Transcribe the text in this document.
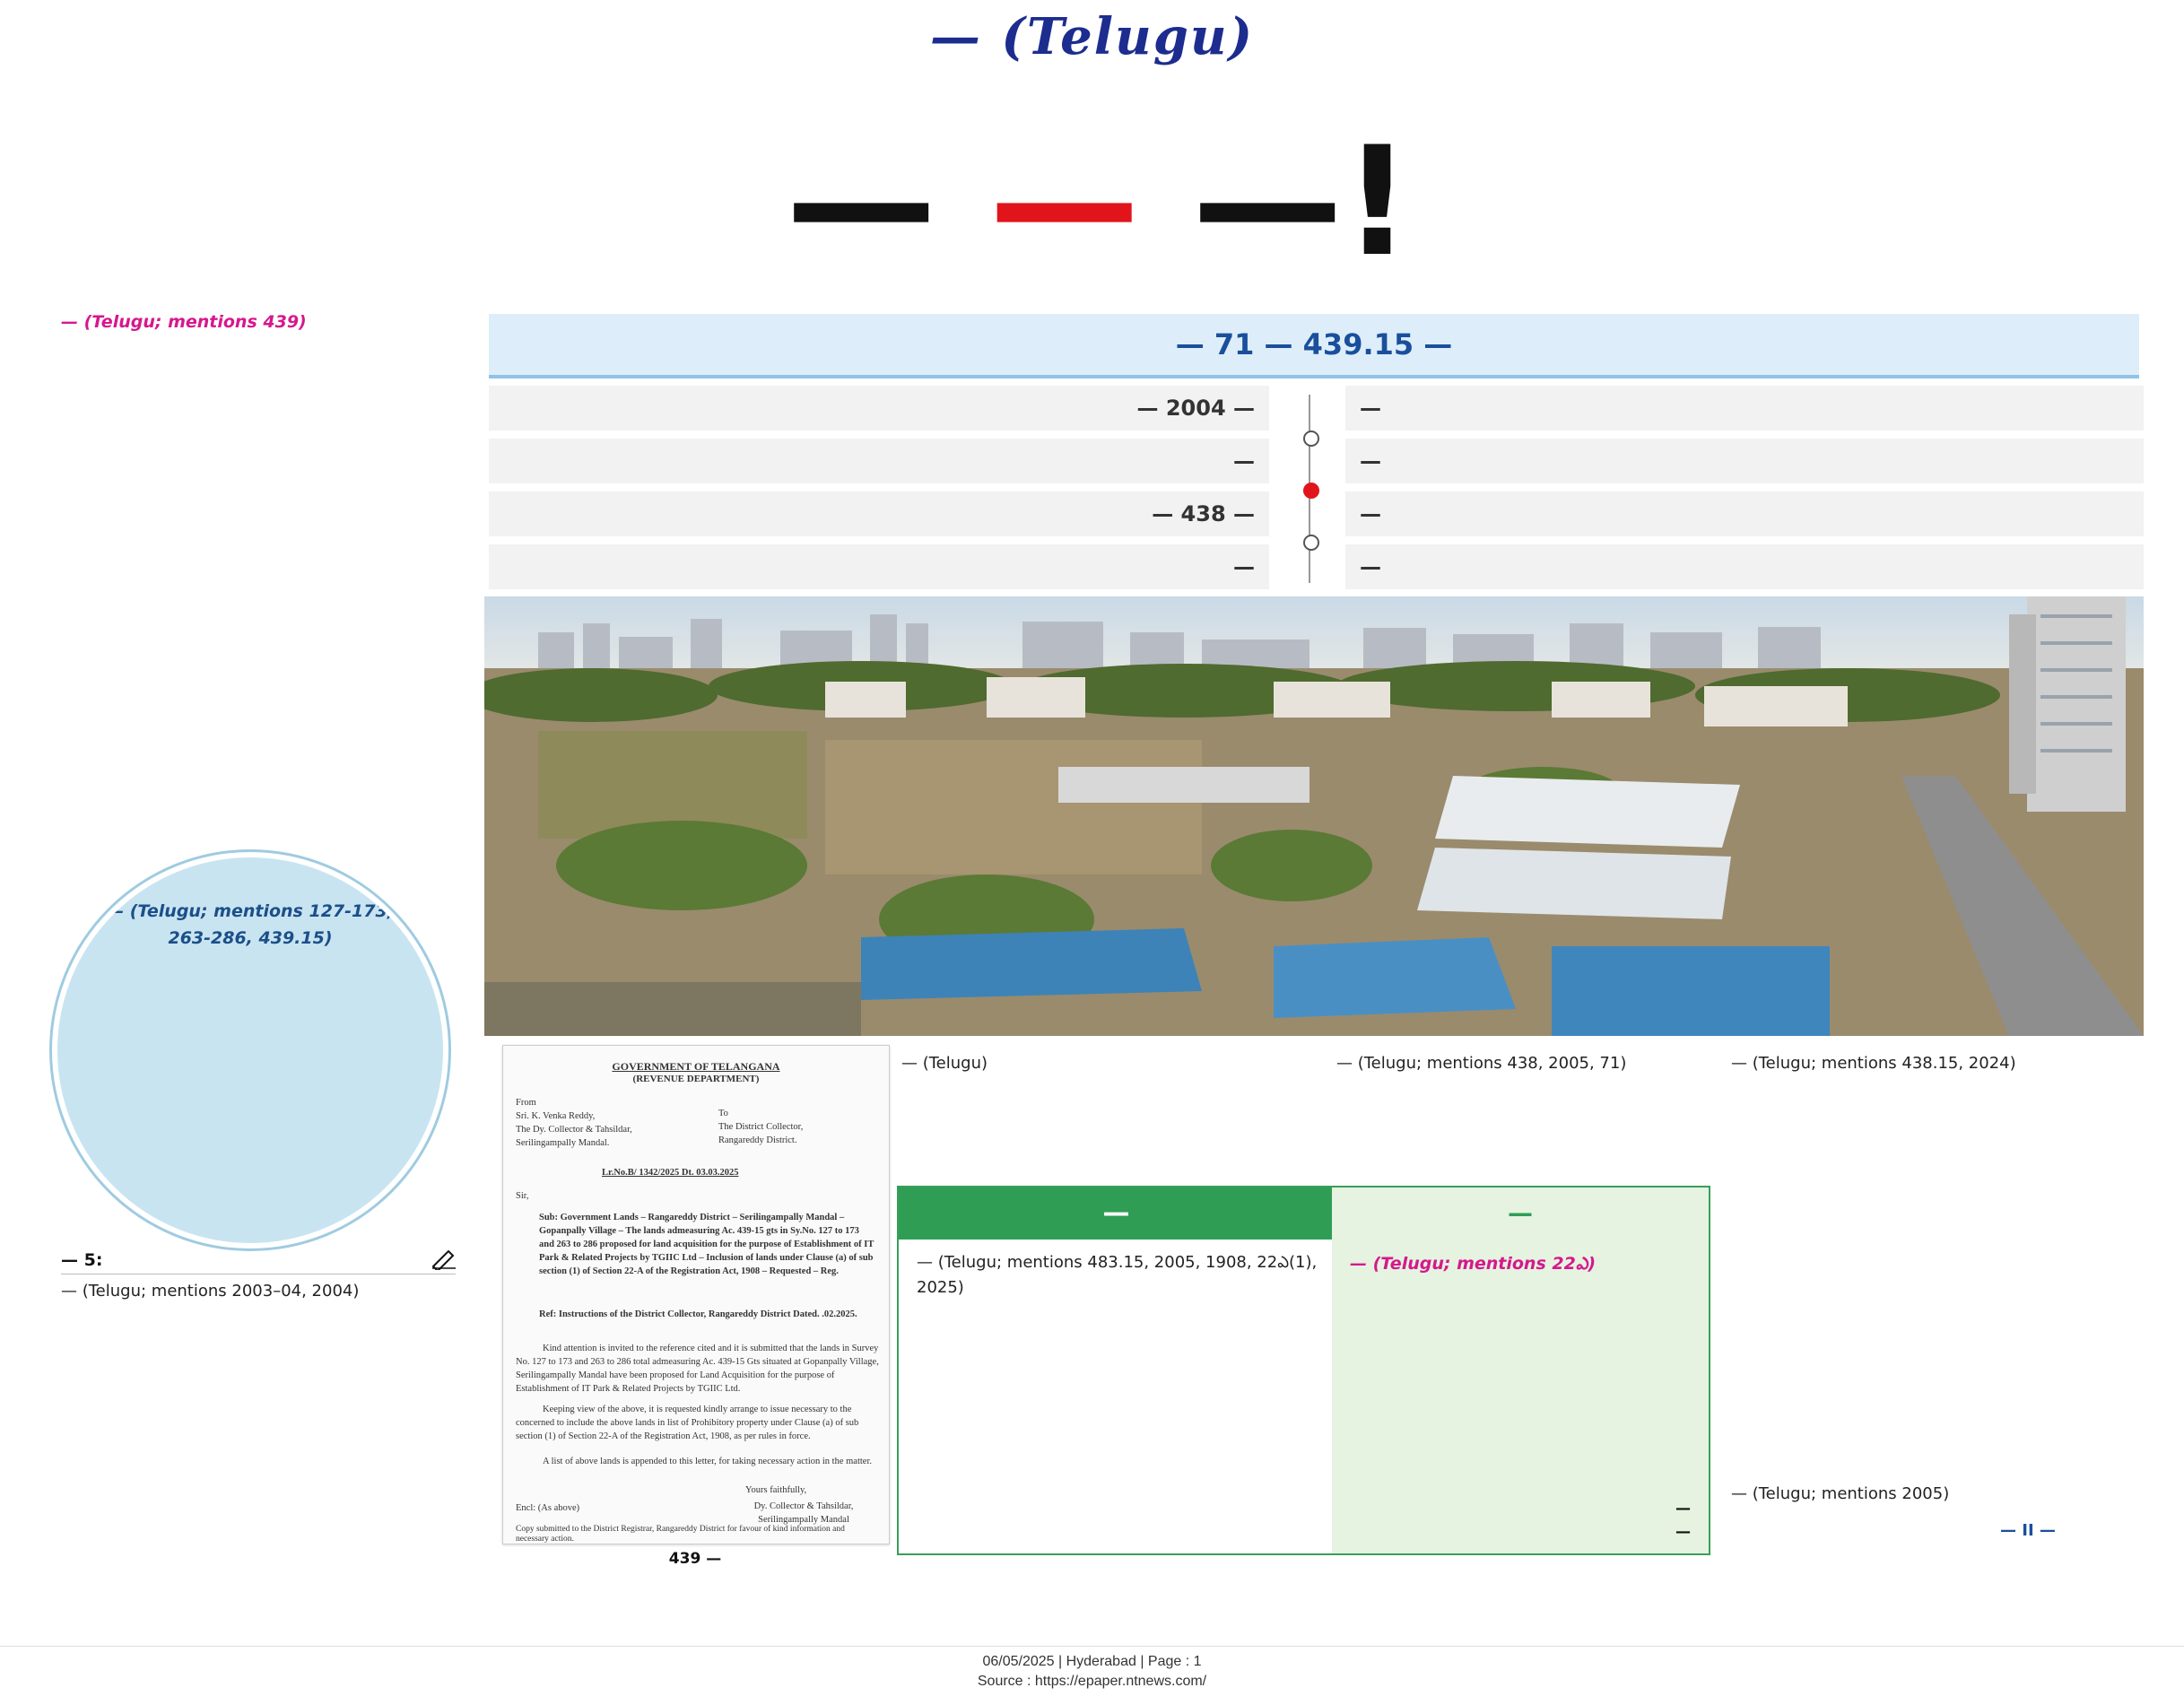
— (Telugu)
— — —!
— (Telugu; mentions 439)
— (Telugu; mentions 127-173, 263-286, 439.15)
— 5:
— (Telugu; mentions 2003–04, 2004)
— 71 — 439.15 —
— 2004 —
—
— 438 —
—
—
—
—
—
GOVERNMENT OF TELANGANA
(REVENUE DEPARTMENT)
From
Sri. K. Venka Reddy,
The Dy. Collector & Tahsildar,
Serilingampally Mandal.
To
The District Collector,
Rangareddy District.
Lr.No.B/ 1342/2025 Dt. 03.03.2025
Sir,
Sub: Government Lands – Rangareddy District – Serilingampally Mandal – Gopanpally Village – The lands admeasuring Ac. 439-15 gts in Sy.No. 127 to 173 and 263 to 286 proposed for land acquisition for the purpose of Establishment of IT Park & Related Projects by TGIIC Ltd – Inclusion of lands under Clause (a) of sub section (1) of Section 22-A of the Registration Act, 1908 – Requested – Reg.
Ref: Instructions of the District Collector, Rangareddy District Dated. .02.2025.
Kind attention is invited to the reference cited and it is submitted that the lands in Survey No. 127 to 173 and 263 to 286 total admeasuring Ac. 439-15 Gts situated at Gopanpally Village, Serilingampally Mandal have been proposed for Land Acquisition for the purpose of Establishment of IT Park & Related Projects by TGIIC Ltd.
Keeping view of the above, it is requested kindly arrange to issue necessary to the concerned to include the above lands in list of Prohibitory property under Clause (a) of sub section (1) of Section 22-A of the Registration Act, 1908, as per rules in force.
A list of above lands is appended to this letter, for taking necessary action in the matter.
Yours faithfully,
Encl: (As above)	Dy. Collector & Tahsildar,
Serilingampally Mandal
Copy submitted to the District Registrar, Rangareddy District for favour of kind information and necessary action.
439 —
— (Telugu)	— (Telugu; mentions 438, 2005, 71)
—
— (Telugu; mentions 483.15, 2005, 1908, 22ఎ(1), 2025)
—
— (Telugu; mentions 22ఎ)
—
—
— (Telugu; mentions 438.15, 2024)
— (Telugu; mentions 2005)
— II —
06/05/2025 | Hyderabad | Page : 1
Source : https://epaper.ntnews.com/
